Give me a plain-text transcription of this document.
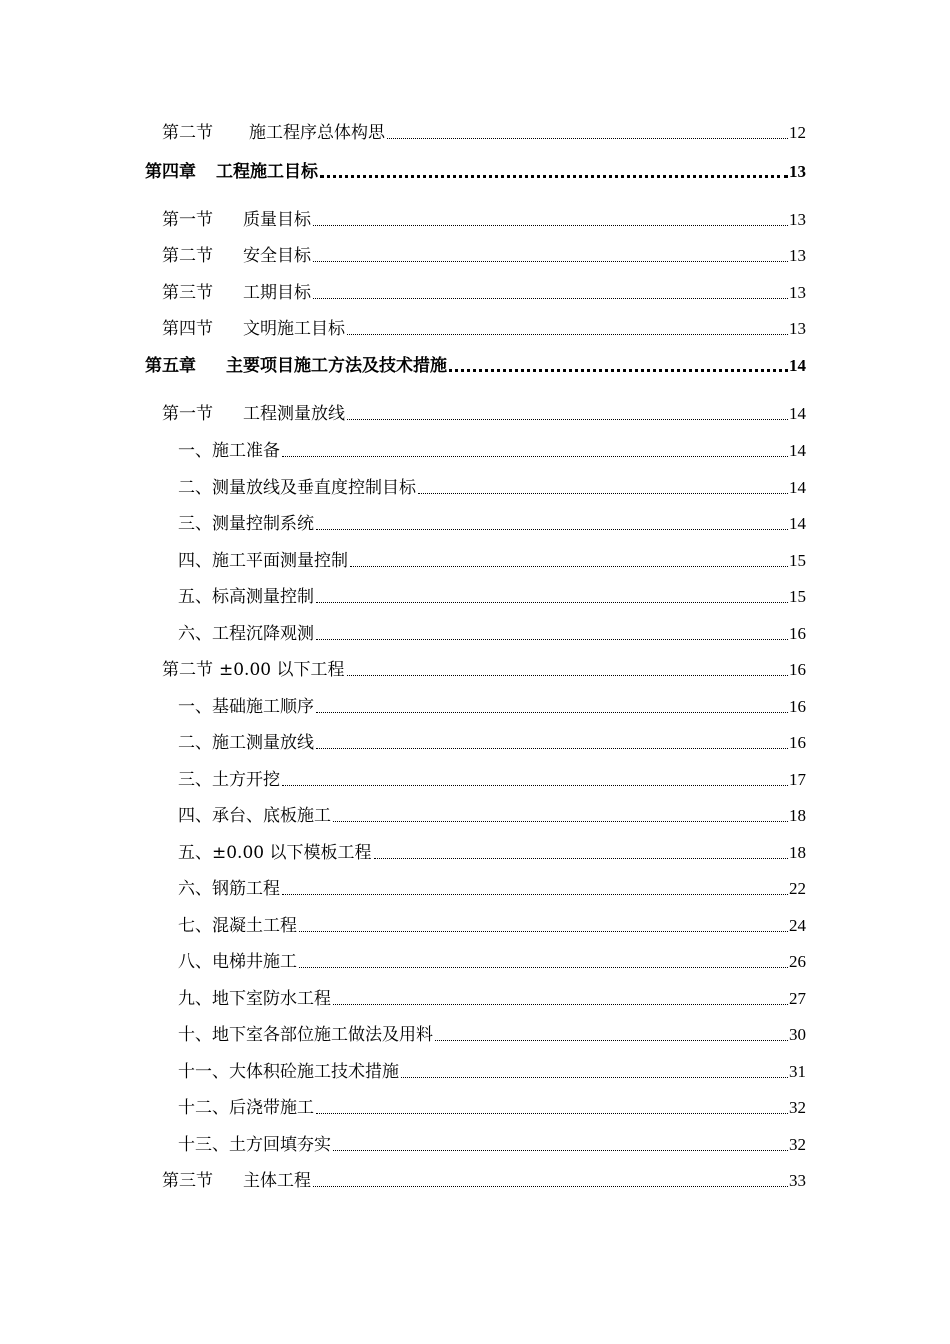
第二节 施工程序总体构思	12
第四章 工程施工目标	13
第一节 质量目标	13
第二节 安全目标	13
第三节 工期目标	13
第四节 文明施工目标	13
第五章 主要项目施工方法及技术措施	14
第一节 工程测量放线	14
一、施工准备	14
二、测量放线及垂直度控制目标	14
三、测量控制系统	14
四、施工平面测量控制	15
五、标高测量控制	15
六、工程沉降观测	16
第二节 ±0.00 以下工程	16
一、基础施工顺序	16
二、施工测量放线	16
三、土方开挖	17
四、承台、底板施工	18
五、±0.00 以下模板工程	18
六、钢筋工程	22
七、混凝土工程	24
八、电梯井施工	26
九、地下室防水工程	27
十、地下室各部位施工做法及用料	30
十一、大体积砼施工技术措施	31
十二、后浇带施工	32
十三、土方回填夯实	32
第三节 主体工程	33
